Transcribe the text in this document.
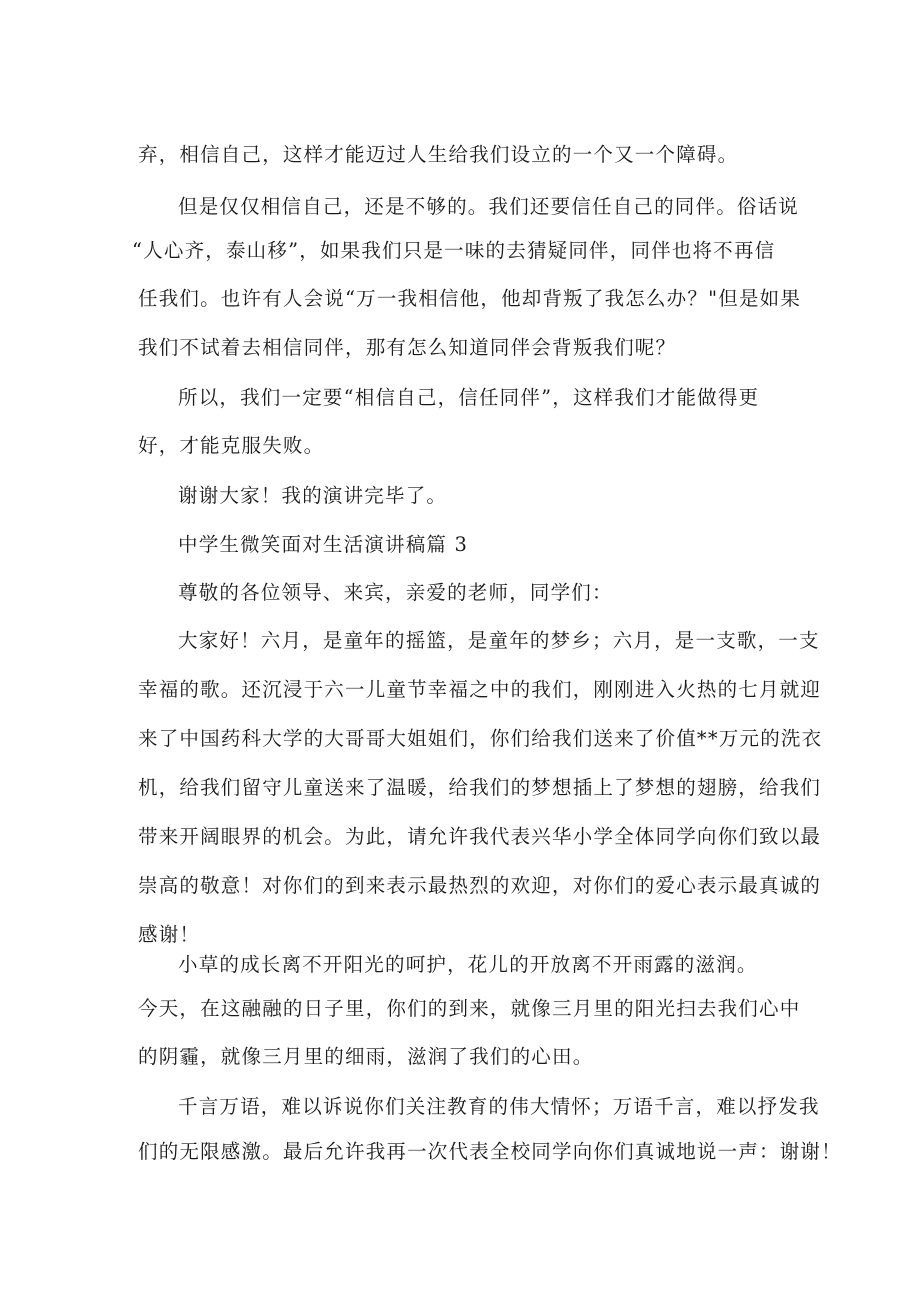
弃，相信自己，这样才能迈过人生给我们设立的一个又一个障碍。
但是仅仅相信自己，还是不够的。我们还要信任自己的同伴。俗话说
“人心齐，泰山移”，如果我们只是一味的去猜疑同伴，同伴也将不再信
任我们。也许有人会说“万一我相信他，他却背叛了我怎么办？"但是如果
我们不试着去相信同伴，那有怎么知道同伴会背叛我们呢？
所以，我们一定要“相信自己，信任同伴”，这样我们才能做得更
好，才能克服失败。
谢谢大家！我的演讲完毕了。
中学生微笑面对生活演讲稿篇 3
尊敬的各位领导、来宾，亲爱的老师，同学们：
大家好！六月，是童年的摇篮，是童年的梦乡；六月，是一支歌，一支
幸福的歌。还沉浸于六一儿童节幸福之中的我们，刚刚进入火热的七月就迎
来了中国药科大学的大哥哥大姐姐们，你们给我们送来了价值**万元的洗衣
机，给我们留守儿童送来了温暖，给我们的梦想插上了梦想的翅膀，给我们
带来开阔眼界的机会。为此，请允许我代表兴华小学全体同学向你们致以最
崇高的敬意！对你们的到来表示最热烈的欢迎，对你们的爱心表示最真诚的
感谢！
小草的成长离不开阳光的呵护，花儿的开放离不开雨露的滋润。
今天，在这融融的日子里，你们的到来，就像三月里的阳光扫去我们心中
的阴霾，就像三月里的细雨，滋润了我们的心田。
千言万语，难以诉说你们关注教育的伟大情怀；万语千言，难以抒发我
们的无限感激。最后允许我再一次代表全校同学向你们真诚地说一声：谢谢！
